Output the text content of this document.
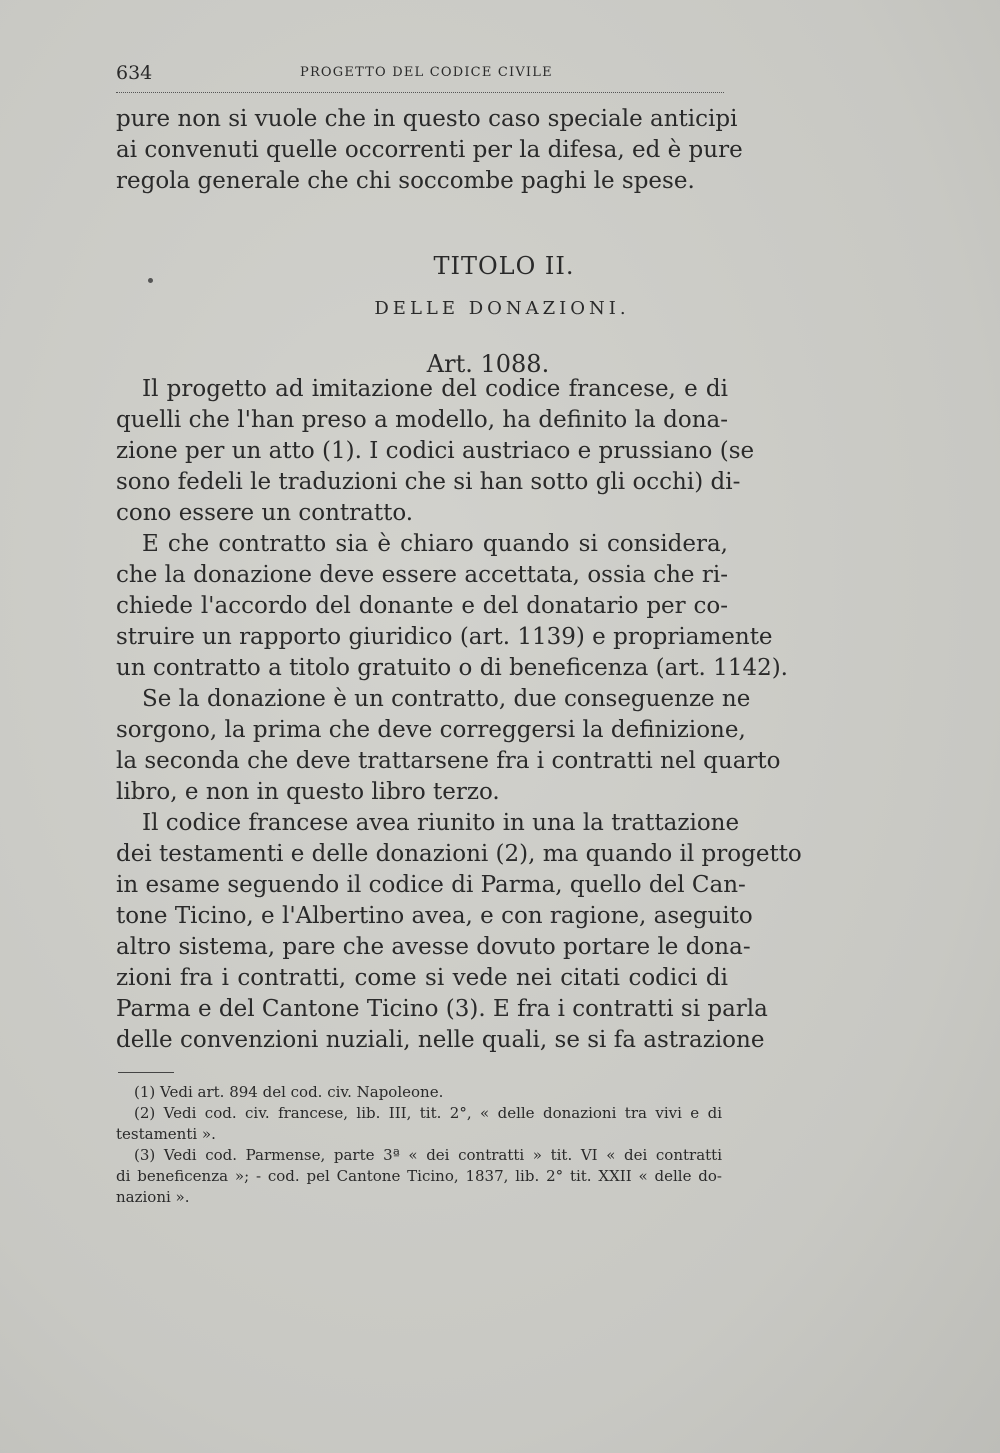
634	PROGETTO DEL CODICE CIVILE
pure non si vuole che in questo caso speciale anticipi
ai convenuti quelle occorrenti per la difesa, ed è pure
regola generale che chi soccombe paghi le spese.
TITOLO II.
DELLE DONAZIONI.
Art. 1088.
Il progetto ad imitazione del codice francese, e di
quelli che l'han preso a modello, ha definito la dona-
zione per un atto (1). I codici austriaco e prussiano (se
sono fedeli le traduzioni che si han sotto gli occhi) di-
cono essere un contratto.
E che contratto sia è chiaro quando si considera,
che la donazione deve essere accettata, ossia che ri-
chiede l'accordo del donante e del donatario per co-
struire un rapporto giuridico (art. 1139) e propriamente
un contratto a titolo gratuito o di beneficenza (art. 1142).
Se la donazione è un contratto, due conseguenze ne
sorgono, la prima che deve correggersi la definizione,
la seconda che deve trattarsene fra i contratti nel quarto
libro, e non in questo libro terzo.
Il codice francese avea riunito in una la trattazione
dei testamenti e delle donazioni (2), ma quando il progetto
in esame seguendo il codice di Parma, quello del Can-
tone Ticino, e l'Albertino avea, e con ragione, aseguito
altro sistema, pare che avesse dovuto portare le dona-
zioni fra i contratti, come si vede nei citati codici di
Parma e del Cantone Ticino (3). E fra i contratti si parla
delle convenzioni nuziali, nelle quali, se si fa astrazione
(1) Vedi art. 894 del cod. civ. Napoleone.
(2) Vedi cod. civ. francese, lib. III, tit. 2°, « delle donazioni tra vivi e di
testamenti ».
(3) Vedi cod. Parmense, parte 3ª « dei contratti » tit. VI « dei contratti
di beneficenza »; - cod. pel Cantone Ticino, 1837, lib. 2° tit. XXII « delle do-
nazioni ».
